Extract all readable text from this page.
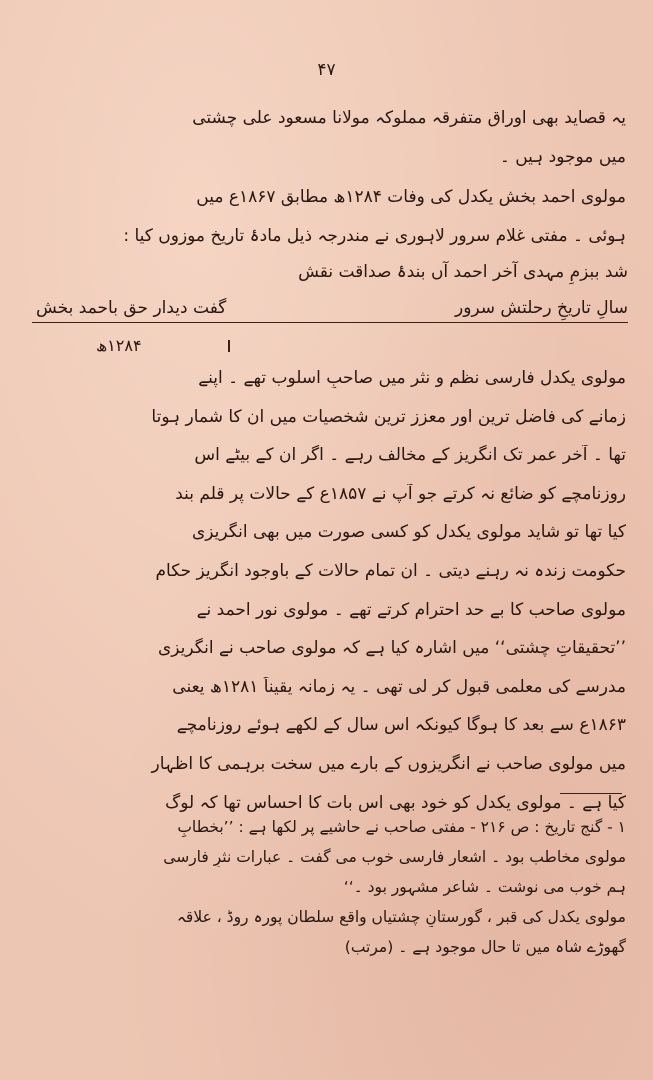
۴۷
یہ قصاید بھی اوراقِ متفرقہ مملوکہ مولانا مسعود علی چشتی
میں موجود ہیں ۔
مولوی احمد بخش یکدل کی وفات ۱۲۸۴ھ مطابق ۱۸۶۷ع میں
ہوئی ۔ مفتی غلام سرور لاہوری نے مندرجہ ذیل مادۂ تاریخ موزوں کیا :
شد ببزمِ مہدی آخر احمد آں بندۂ صداقت نقش
سالِ تاریخِ رحلتش سرور
گفت دیدار حق باحمد بخش
۱۲۸۴ھ
مولوی یکدل فارسی نظم و نثر میں صاحبِ اسلوب تھے ۔ اپنے
زمانے کی فاضل ترین اور معزز ترین شخصیات میں ان کا شمار ہوتا
تھا ۔ آخر عمر تک انگریز کے مخالف رہے ۔ اگر ان کے بیٹے اس
روزنامچے کو ضائع نہ کرتے جو آپ نے ۱۸۵۷ع کے حالات پر قلم بند
کیا تھا تو شاید مولوی یکدل کو کسی صورت میں بھی انگریزی
حکومت زندہ نہ رہنے دیتی ۔ ان تمام حالات کے باوجود انگریز حکام
مولوی صاحب کا بے حد احترام کرتے تھے ۔ مولوی نور احمد نے
’’تحقیقاتِ چشتی‘‘ میں اشارہ کیا ہے کہ مولوی صاحب نے انگریزی
مدرسے کی معلمی قبول کر لی تھی ۔ یہ زمانہ یقیناً ۱۲۸۱ھ یعنی
۱۸۶۳ع سے بعد کا ہوگا کیونکہ اس سال کے لکھے ہوئے روزنامچے
میں مولوی صاحب نے انگریزوں کے بارے میں سخت برہمی کا اظہار
کیا ہے ۔ مولوی یکدل کو خود بھی اس بات کا احساس تھا کہ لوگ
۱ - گنجِ تاریخ : ص ۲۱۶ - مفتی صاحب نے حاشیے پر لکھا ہے : ’’بخطابِ
مولوی مخاطب بود ۔ اشعار فارسی خوب می گفت ۔ عبارات نثرِ فارسی
ہم خوب می نوشت ۔ شاعر مشہور بود ۔‘‘
مولوی یکدل کی قبر ، گورستانِ چشتیاں واقع سلطان پورہ روڈ ، علاقہ
گھوڑے شاہ میں تا حال موجود ہے ۔ (مرتب)
